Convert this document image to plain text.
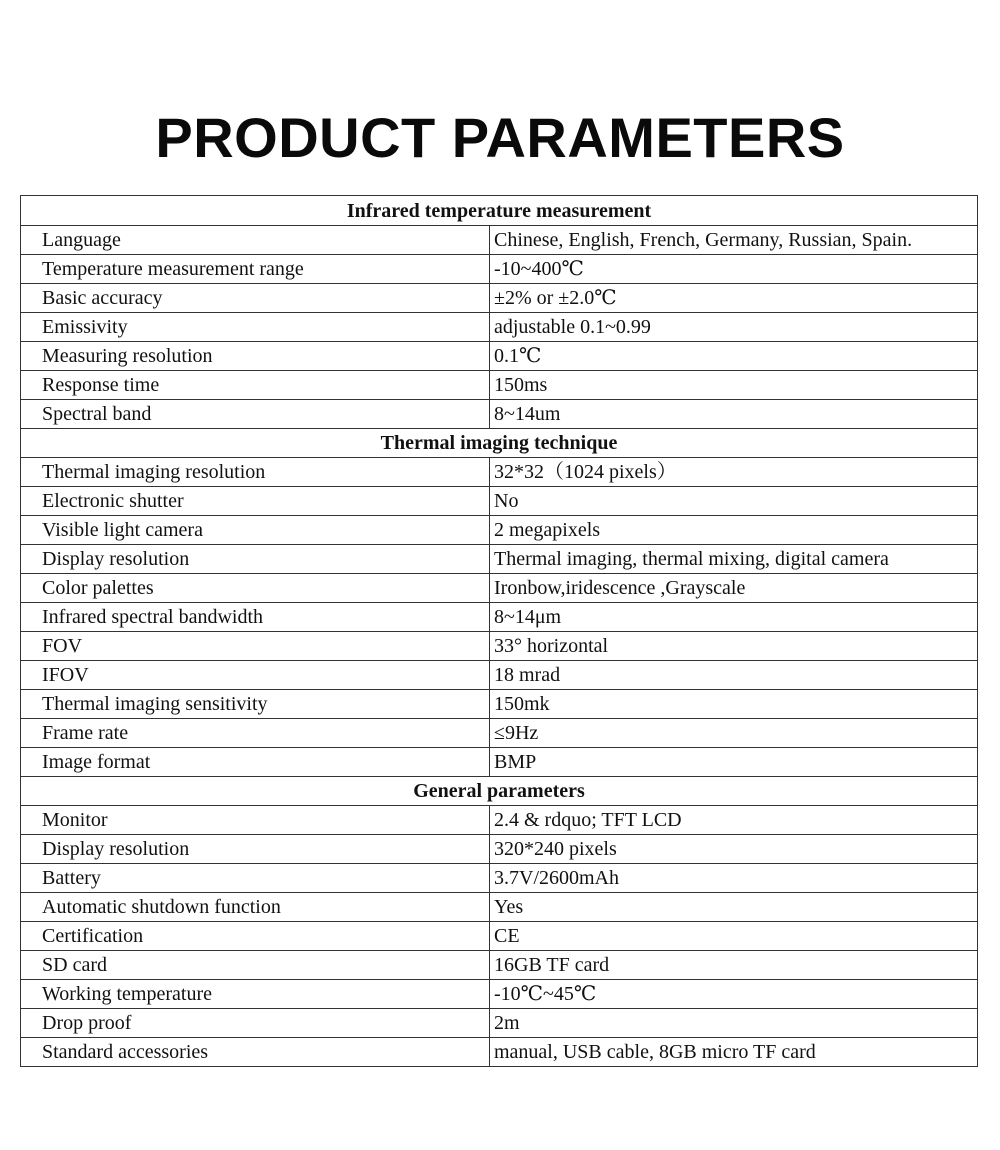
PRODUCT PARAMETERS
Infrared temperature measurement	
Language	Chinese, English, French, Germany, Russian, Spain.
Temperature measurement range	-10~400℃
Basic accuracy	±2% or ±2.0℃
Emissivity	adjustable 0.1~0.99
Measuring resolution	0.1℃
Response time	150ms
Spectral band	8~14um
Thermal imaging technique	
Thermal imaging resolution	32*32（1024 pixels）
Electronic shutter	No
Visible light camera	2 megapixels
Display resolution	Thermal imaging, thermal mixing, digital camera
Color palettes	Ironbow,iridescence ,Grayscale
Infrared spectral bandwidth	8~14μm
FOV	33° horizontal
IFOV	18 mrad
Thermal imaging sensitivity	150mk
Frame rate	≤9Hz
Image format	BMP
General parameters	
Monitor	2.4 & rdquo; TFT LCD
Display resolution	320*240 pixels
Battery	3.7V/2600mAh
Automatic shutdown function	Yes
Certification	CE
SD card	16GB TF card
Working temperature	-10℃~45℃
Drop proof	2m
Standard accessories	manual, USB cable, 8GB micro TF card
